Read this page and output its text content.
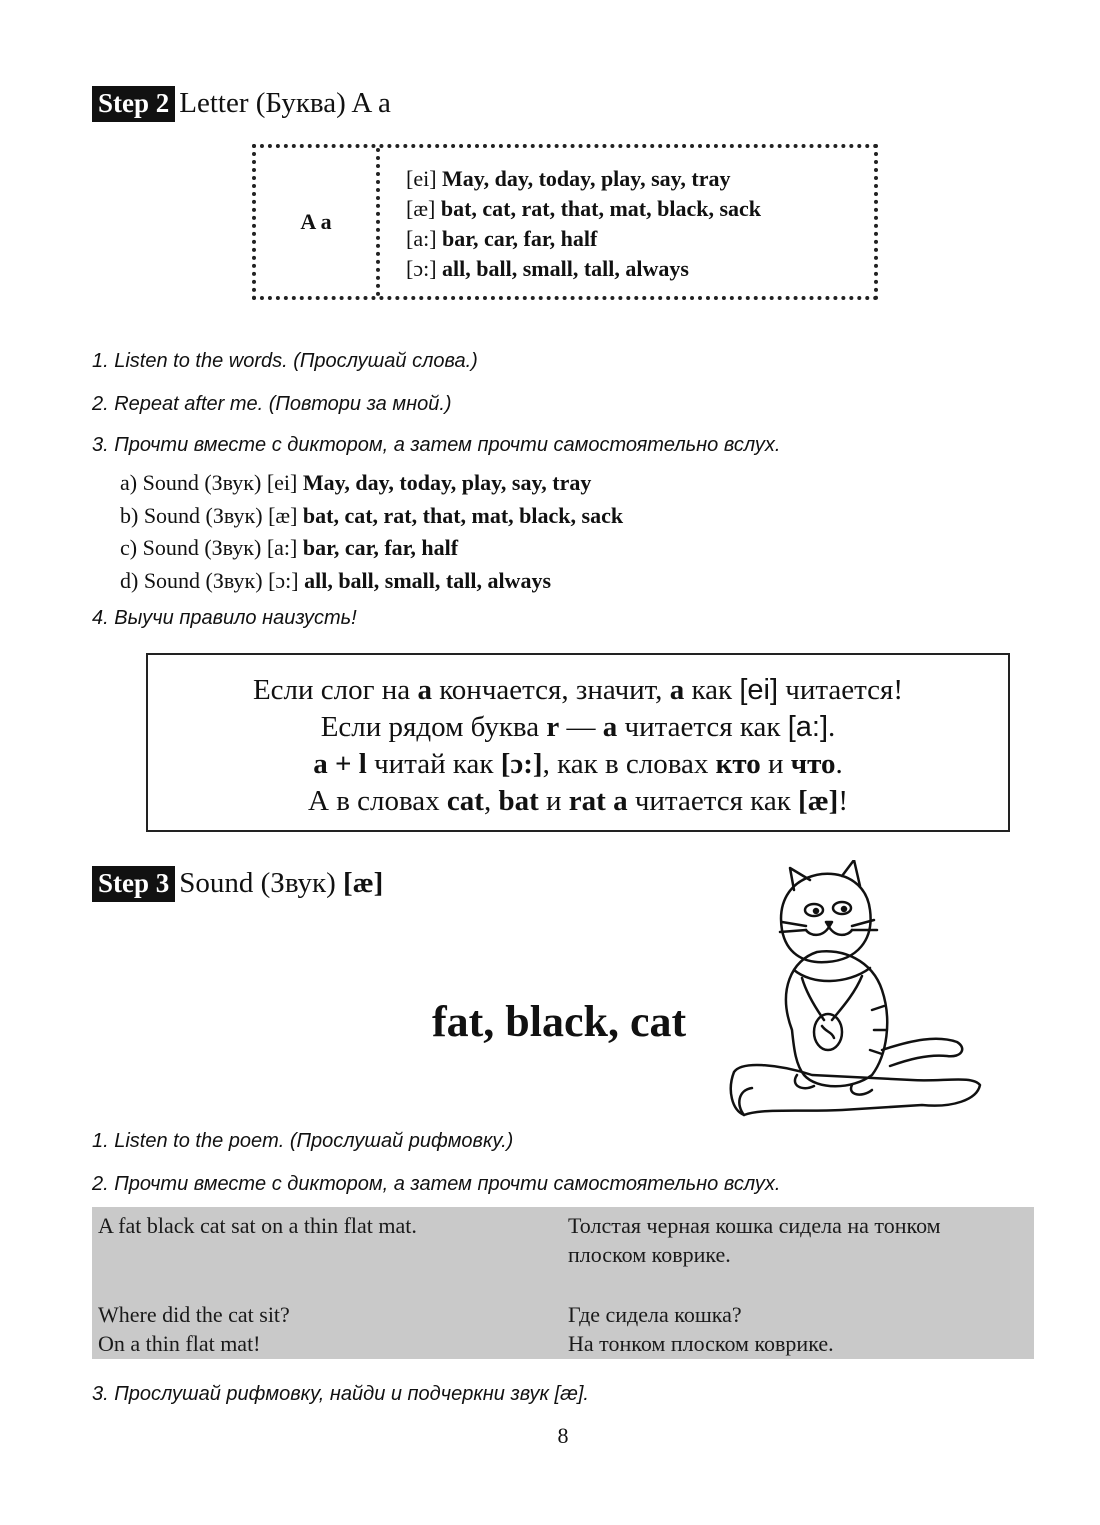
Step 2 Letter (Буква) A a
A a
[ei] May, day, today, play, say, tray
[æ] bat, cat, rat, that, mat, black, sack
[a:] bar, car, far, half
[ɔ:] all, ball, small, tall, always
1. Listen to the words. (Прослушай слова.)
2. Repeat after me. (Повтори за мной.)
3. Прочти вместе с диктором, а затем прочти самостоятельно вслух.
a) Sound (Звук) [ei] May, day, today, play, say, tray
b) Sound (Звук) [æ] bat, cat, rat, that, mat, black, sack
c) Sound (Звук) [a:] bar, car, far, half
d) Sound (Звук) [ɔ:] all, ball, small, tall, always
4. Выучи правило наизусть!
Если слог на а кончается, значит, а как [ei] читается!
Если рядом буква r — a читается как [a:].
a + l читай как [ɔ:], как в словах кто и что.
А в словах cat, bat и rat a читается как [æ]!
Step 3 Sound (Звук) [æ]
fat, black, cat
1. Listen to the poem. (Прослушай рифмовку.)
2. Прочти вместе с диктором, а затем прочти самостоятельно вслух.
A fat black cat sat on a thin flat mat.	Толстая черная кошка сидела на тонком
плоском коврике.
Where did the cat sit?
On a thin flat mat!
Где сидела кошка?
На тонком плоском коврике.
3. Прослушай рифмовку, найди и подчеркни звук [æ].
8
